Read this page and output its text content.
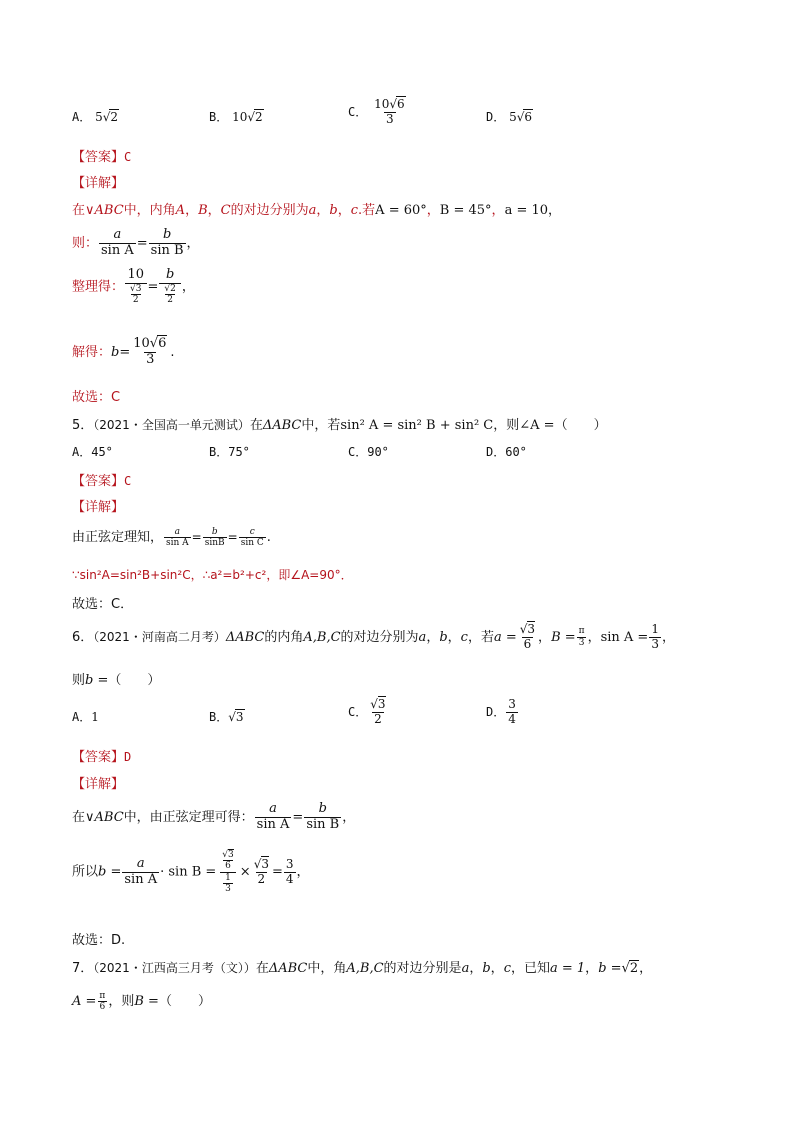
A． 5√2	B． 10√2	C． $\frac{10√6}{3}$	D． 5√6
【答案】C
【详解】
在∨ABC中，内角A，B，C的对边分别为a，b，c.若A = 60°，B = 45°，a = 10，
则： $\frac{a}{\text{sin A}} = \frac{b}{\text{sin B}}$ ，
整理得： $\frac{10}{\frac{√3}{2}} = \frac{b}{\frac{√2}{2}}$ ，
解得：$b= \frac{10√6}{3}$ .
故选：C
5．（2021・全国高一单元测试）在ΔABC中，若sin² A = sin² B + sin² C，则∠A =（　　）
A．45°	B．75°	C．90°	D．60°
【答案】C
【详解】
由正弦定理知， $\frac{a}{\text{sin A}} = \frac{b}{\sin B} = \frac{c}{\text{sin C}}$ .
∵sin²A=sin²B+sin²C，∴a²=b²+c²，即∠A=90°．
故选：C．
6．（2021・河南高二月考）ΔABC的内角A,B,C的对边分别为a，b，c，若$a = \frac{√3}{6}$ ，$B = \frac{\pi}{3}$ ，$\sin A = \frac{1}{3}$ ，
则b =（　　）
A．1	B．√3	C． $\frac{√3}{2}$	D． $\frac{3}{4}$
【答案】D
【详解】
在∨ABC中，由正弦定理可得： $\frac{a}{\text{sin A}} = \frac{b}{\text{sin B}}$ ，
所以$b = \frac{a}{\text{sin A}} \cdot \sin B = \frac{\frac{√3}{6}}{\frac{1}{3}} \times \frac{√3}{2} = \frac{3}{4}$ ，
故选：D.
7．（2021・江西高三月考（文））在ΔABC中，角A,B,C的对边分别是a，b，c，已知a = 1，b =√2，
$A = \frac{\pi}{6}$ ，则B =（　　）
